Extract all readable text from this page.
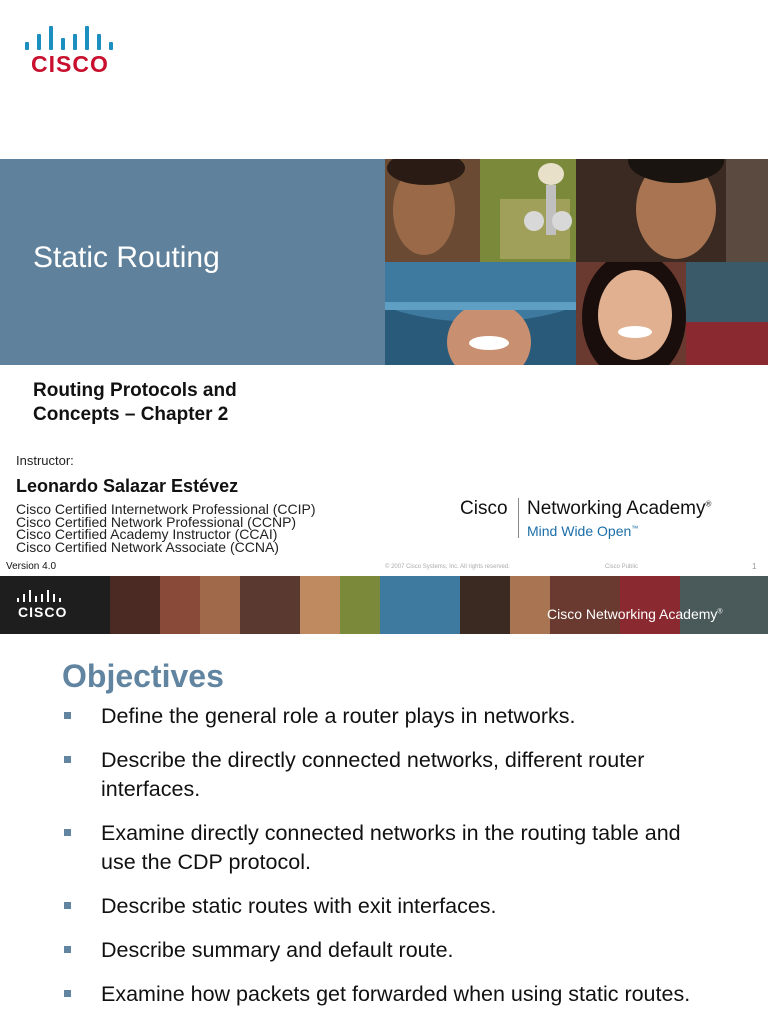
CISCO
Static Routing
Routing Protocols and
Concepts – Chapter 2
Instructor:
Leonardo Salazar Estévez
Cisco Certified Internetwork Professional (CCIP)
Cisco Certified Network Professional (CCNP)
Cisco Certified Academy Instructor (CCAI)
Cisco Certified Network Associate (CCNA)
Cisco Networking Academy®
Mind Wide Open™
Version 4.0	© 2007 Cisco Systems, Inc. All rights reserved.	Cisco Public	1
CISCO	Cisco Networking Academy®
Objectives
Define the general role a router plays in networks.
Describe the directly connected networks, different router interfaces.
Examine directly connected networks in the routing table and use the CDP protocol.
Describe static routes with exit interfaces.
Describe summary and default route.
Examine how packets get forwarded when using static routes.
